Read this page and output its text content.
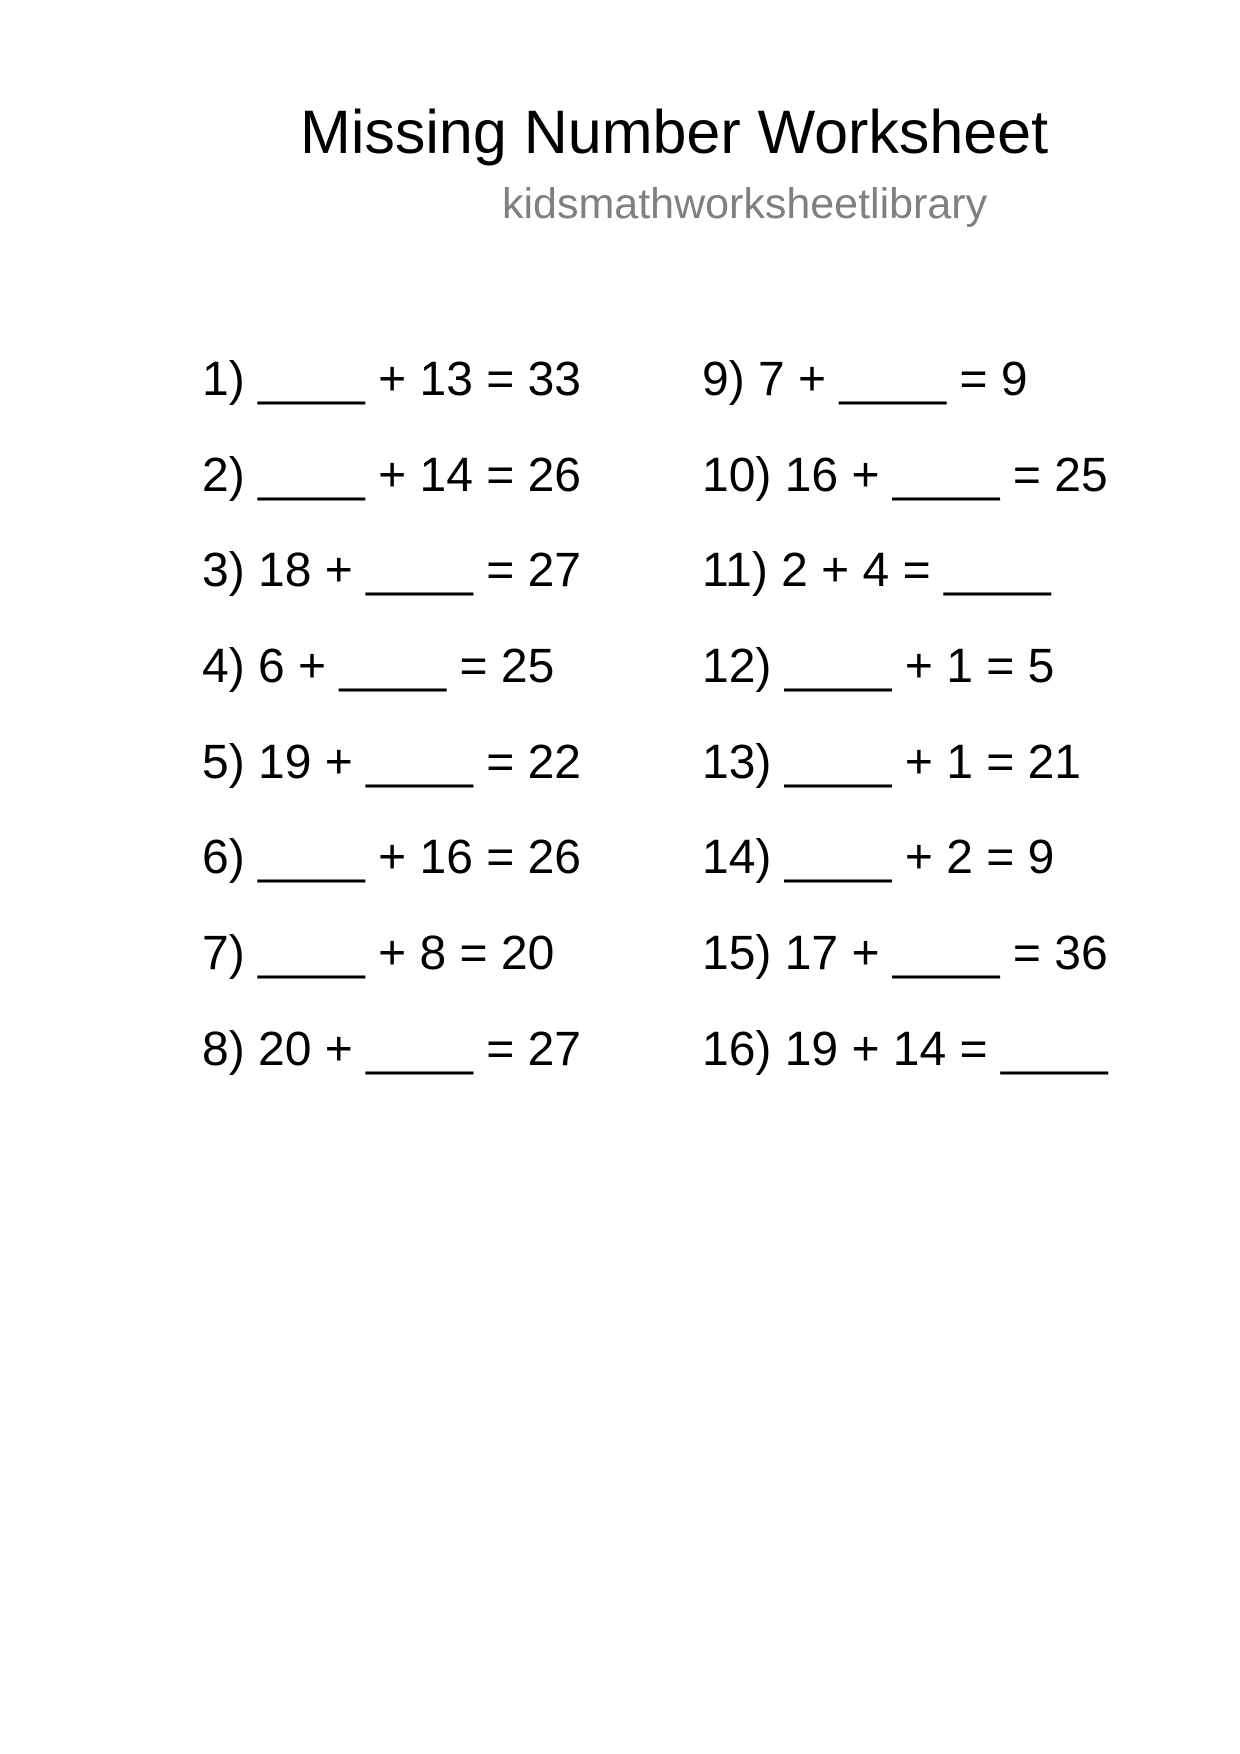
Missing Number Worksheet
kidsmathworksheetlibrary
1) ____ + 13 = 33
2) ____ + 14 = 26
3) 18 + ____ = 27
4) 6 + ____ = 25
5) 19 + ____ = 22
6) ____ + 16 = 26
7) ____ + 8 = 20
8) 20 + ____ = 27
9) 7 + ____ = 9
10) 16 + ____ = 25
11) 2 + 4 = ____
12) ____ + 1 = 5
13) ____ + 1 = 21
14) ____ + 2 = 9
15) 17 + ____ = 36
16) 19 + 14 = ____
